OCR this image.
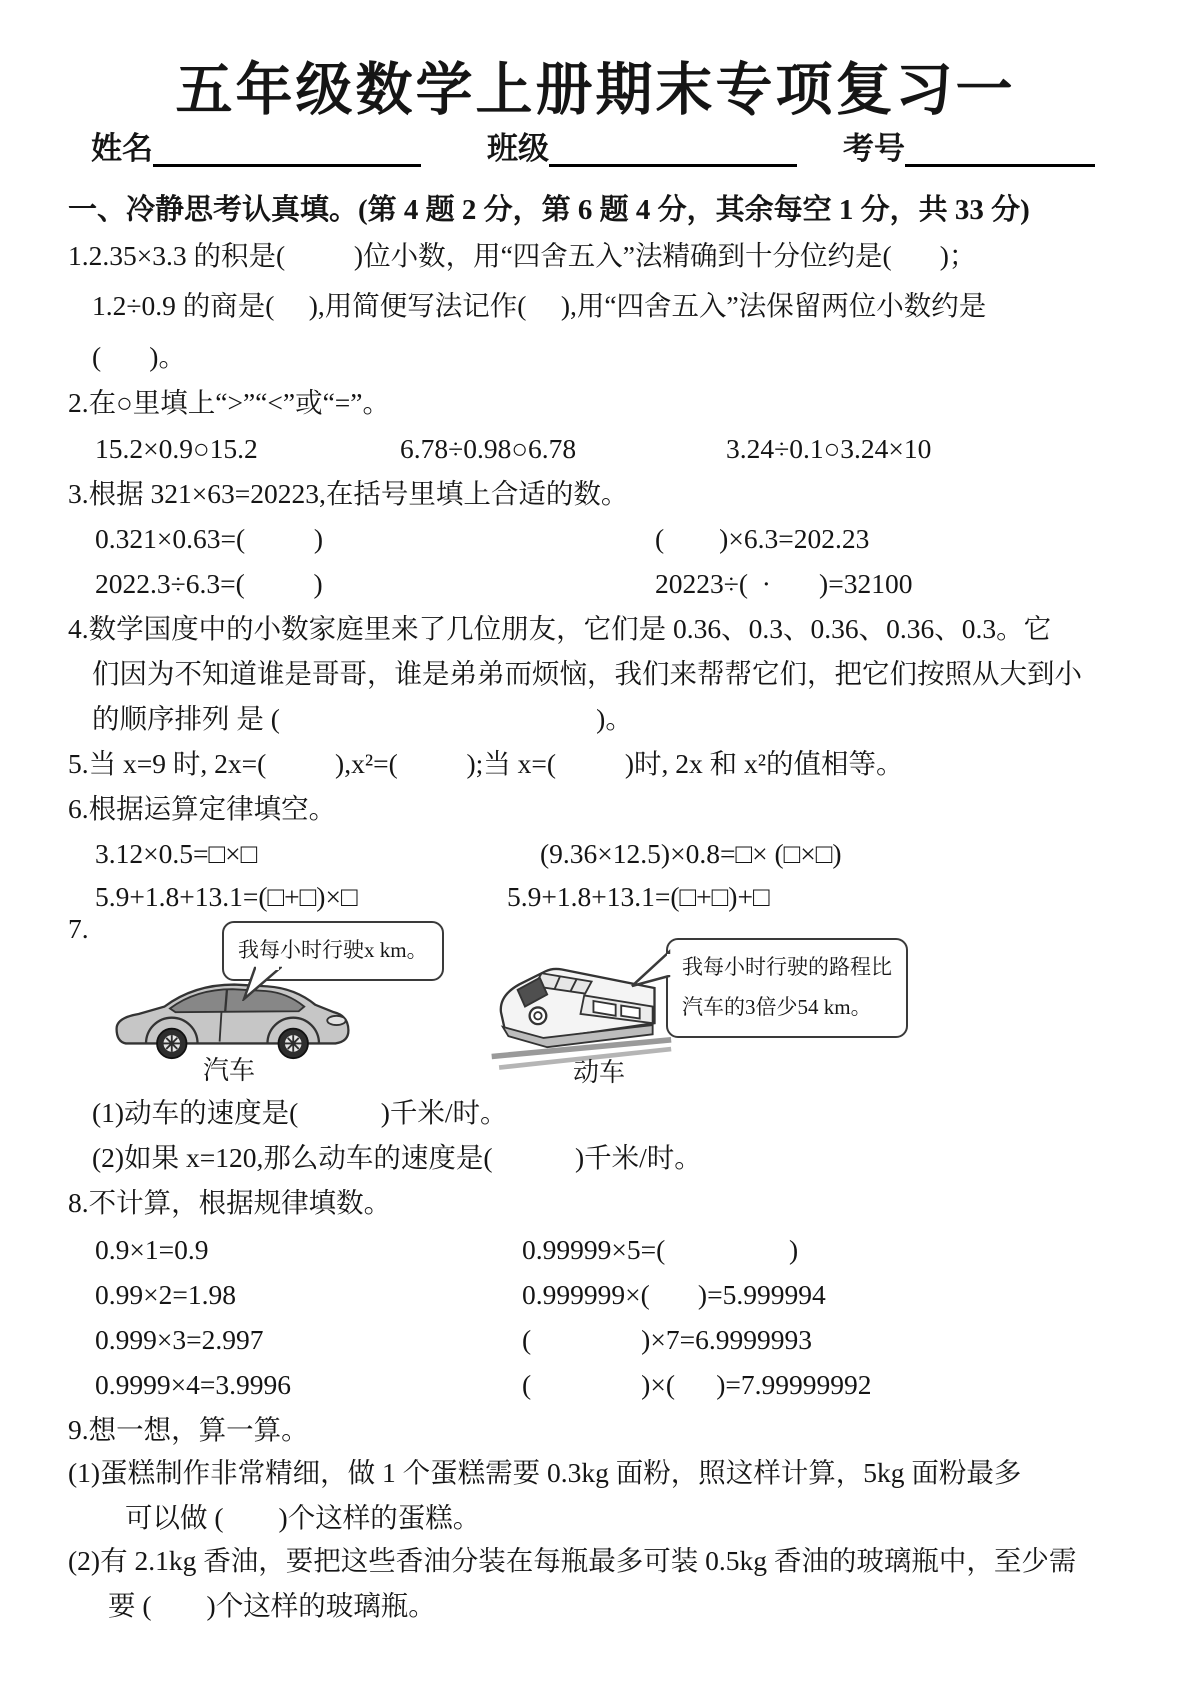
五年级数学上册期末专项复习一
姓名	班级	考号
一、冷静思考认真填。(第 4 题 2 分，第 6 题 4 分，其余每空 1 分，共 33 分)
1.2.35×3.3 的积是(          )位小数，用“四舍五入”法精确到十分位约是(       )；
1.2÷0.9 的商是(     ),用简便写法记作(     ),用“四舍五入”法保留两位小数约是
(       )。
2.在○里填上“>”“<”或“=”。
15.2×0.9○15.2	6.78÷0.98○6.78	3.24÷0.1○3.24×10
3.根据 321×63=20223,在括号里填上合适的数。
0.321×0.63=(          )	(        )×6.3=202.23
2022.3÷6.3=(          )	20223÷(  ·       )=32100
4.数学国度中的小数家庭里来了几位朋友，它们是 0.36、0.3、0.36、0.36、0.3。它
们因为不知道谁是哥哥，谁是弟弟而烦恼，我们来帮帮它们，把它们按照从大到小
的顺序排列 是 (                                              )。
5.当 x=9 时, 2x=(          ),x²=(          );当 x=(          )时, 2x 和 x²的值相等。
6.根据运算定律填空。
3.12×0.5=□×□	(9.36×12.5)×0.8=□× (□×□)
5.9+1.8+13.1=(□+□)×□	5.9+1.8+13.1=(□+□)+□
7.
我每小时行驶x km。
汽车
我每小时行驶的路程比
汽车的3倍少54 km。
动车
(1)动车的速度是(            )千米/时。
(2)如果 x=120,那么动车的速度是(            )千米/时。
8.不计算，根据规律填数。
0.9×1=0.9	0.99999×5=(                  )
0.99×2=1.98	0.999999×(       )=5.999994
0.999×3=2.997	(                )×7=6.9999993
0.9999×4=3.9996	(                )×(      )=7.99999992
9.想一想，算一算。
(1)蛋糕制作非常精细，做 1 个蛋糕需要 0.3kg 面粉，照这样计算，5kg 面粉最多
可以做 (        )个这样的蛋糕。
(2)有 2.1kg 香油，要把这些香油分装在每瓶最多可装 0.5kg 香油的玻璃瓶中，至少需
要 (        )个这样的玻璃瓶。
